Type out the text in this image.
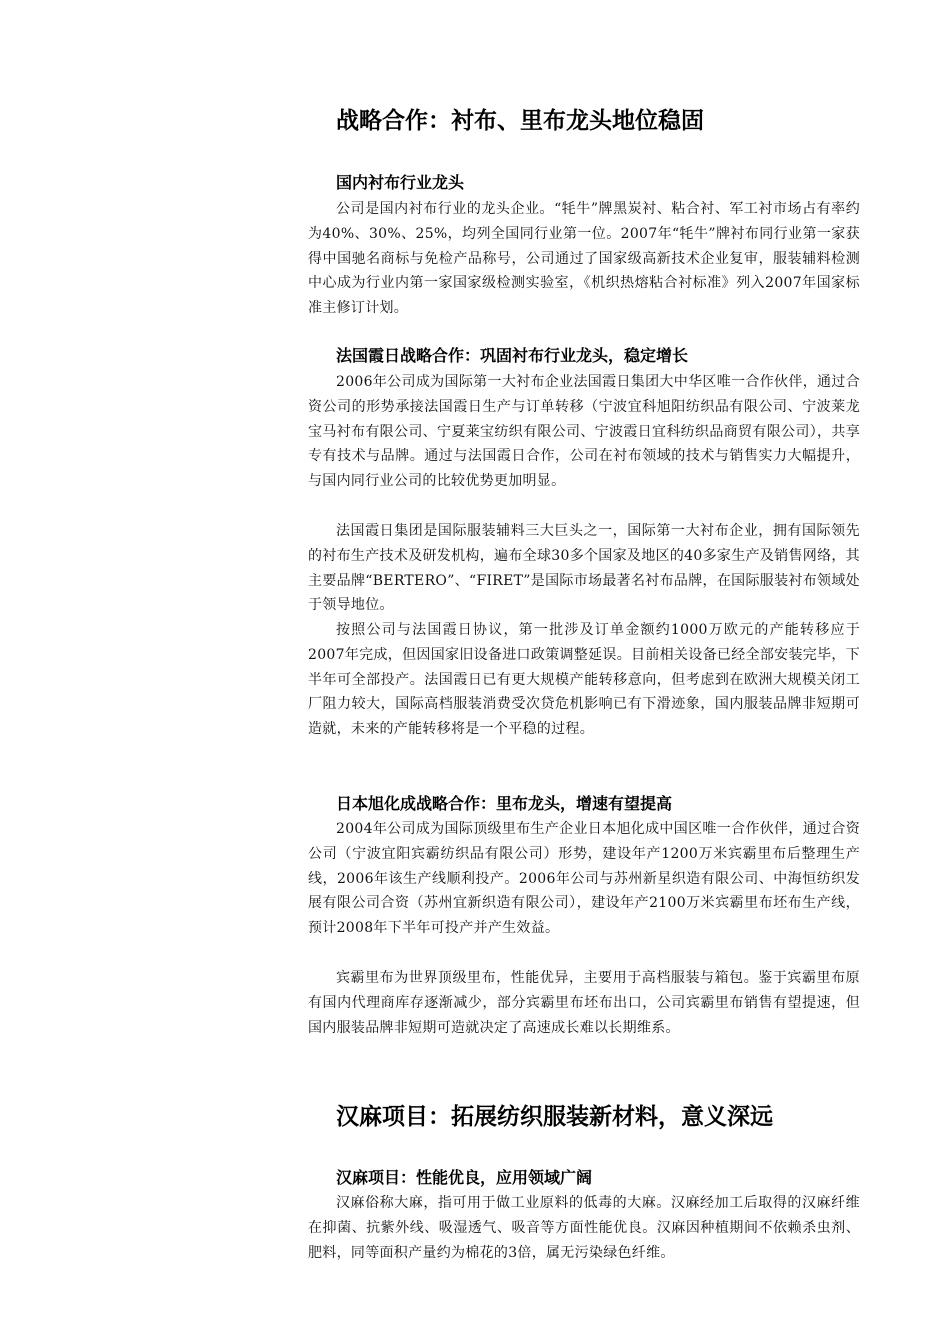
战略合作：衬布、里布龙头地位稳固
国内衬布行业龙头

公司是国内衬布行业的龙头企业。“牦牛”牌黑炭衬、粘合衬、军工衬市场占有率约为40%、30%、25%，均列全国同行业第一位。2007年“牦牛”牌衬布同行业第一家获得中国驰名商标与免检产品称号，公司通过了国家级高新技术企业复审，服装辅料检测中心成为行业内第一家国家级检测实验室，《机织热熔粘合衬标准》列入2007年国家标准主修订计划。

法国霞日战略合作：巩固衬布行业龙头，稳定增长

2006年公司成为国际第一大衬布企业法国霞日集团大中华区唯一合作伙伴，通过合资公司的形势承接法国霞日生产与订单转移（宁波宜科旭阳纺织品有限公司、宁波莱龙宝马衬布有限公司、宁夏莱宝纺织有限公司、宁波霞日宜科纺织品商贸有限公司），共享专有技术与品牌。通过与法国霞日合作，公司在衬布领域的技术与销售实力大幅提升，与国内同行业公司的比较优势更加明显。

法国霞日集团是国际服装辅料三大巨头之一，国际第一大衬布企业，拥有国际领先的衬布生产技术及研发机构，遍布全球30多个国家及地区的40多家生产及销售网络，其主要品牌“BERTERO”、“FIRET”是国际市场最著名衬布品牌，在国际服装衬布领域处于领导地位。

按照公司与法国霞日协议，第一批涉及订单金额约1000万欧元的产能转移应于2007年完成，但因国家旧设备进口政策调整延误。目前相关设备已经全部安装完毕，下半年可全部投产。法国霞日已有更大规模产能转移意向，但考虑到在欧洲大规模关闭工厂阻力较大，国际高档服装消费受次贷危机影响已有下滑迹象，国内服装品牌非短期可造就，未来的产能转移将是一个平稳的过程。

日本旭化成战略合作：里布龙头，增速有望提高

2004年公司成为国际顶级里布生产企业日本旭化成中国区唯一合作伙伴，通过合资公司（宁波宜阳宾霸纺织品有限公司）形势，建设年产1200万米宾霸里布后整理生产线，2006年该生产线顺利投产。2006年公司与苏州新星织造有限公司、中海恒纺织发展有限公司合资（苏州宜新织造有限公司），建设年产2100万米宾霸里布坯布生产线，预计2008年下半年可投产并产生效益。

宾霸里布为世界顶级里布，性能优异，主要用于高档服装与箱包。鉴于宾霸里布原有国内代理商库存逐渐减少，部分宾霸里布坯布出口，公司宾霸里布销售有望提速，但国内服装品牌非短期可造就决定了高速成长难以长期维系。

汉麻项目：拓展纺织服装新材料，意义深远
汉麻项目：性能优良，应用领域广阔

汉麻俗称大麻，指可用于做工业原料的低毒的大麻。汉麻经加工后取得的汉麻纤维在抑菌、抗紫外线、吸湿透气、吸音等方面性能优良。汉麻因种植期间不依赖杀虫剂、肥料，同等面积产量约为棉花的3倍，属无污染绿色纤维。
